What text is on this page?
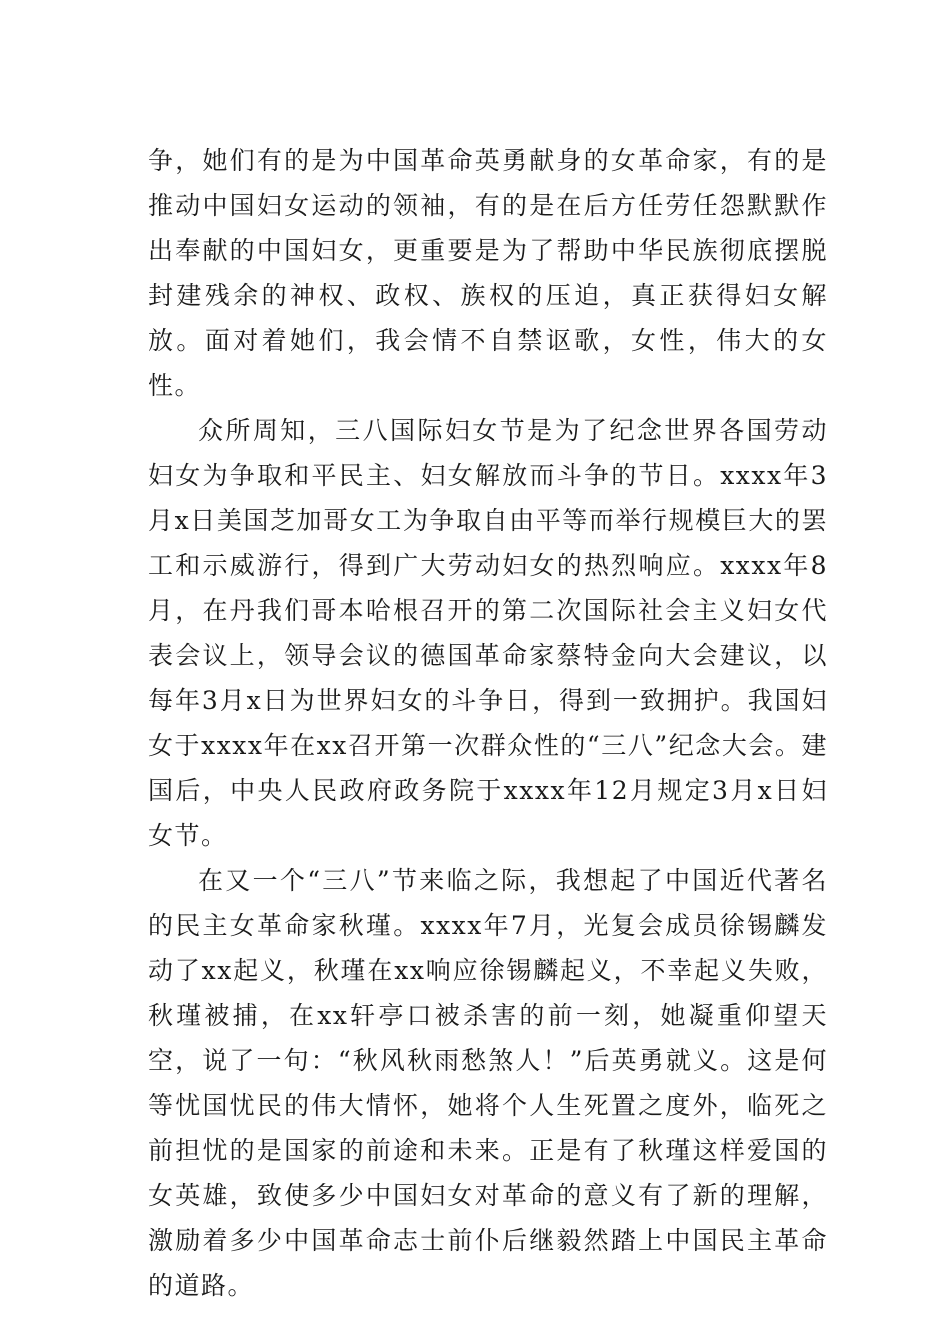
争，她们有的是为中国革命英勇献身的女革命家，有的是推动中国妇女运动的领袖，有的是在后方任劳任怨默默作出奉献的中国妇女，更重要是为了帮助中华民族彻底摆脱封建残余的神权、政权、族权的压迫，真正获得妇女解放。面对着她们，我会情不自禁讴歌，女性，伟大的女性。

众所周知，三八国际妇女节是为了纪念世界各国劳动妇女为争取和平民主、妇女解放而斗争的节日。xxxx年3月x日美国芝加哥女工为争取自由平等而举行规模巨大的罢工和示威游行，得到广大劳动妇女的热烈响应。xxxx年8月，在丹我们哥本哈根召开的第二次国际社会主义妇女代表会议上，领导会议的德国革命家蔡特金向大会建议，以每年3月x日为世界妇女的斗争日，得到一致拥护。我国妇女于xxxx年在xx召开第一次群众性的“三八”纪念大会。建国后，中央人民政府政务院于xxxx年12月规定3月x日妇女节。

在又一个“三八”节来临之际，我想起了中国近代著名的民主女革命家秋瑾。xxxx年7月，光复会成员徐锡麟发动了xx起义，秋瑾在xx响应徐锡麟起义，不幸起义失败，秋瑾被捕，在xx轩亭口被杀害的前一刻，她凝重仰望天空，说了一句：“秋风秋雨愁煞人！”后英勇就义。这是何等忧国忧民的伟大情怀，她将个人生死置之度外，临死之前担忧的是国家的前途和未来。正是有了秋瑾这样爱国的女英雄，致使多少中国妇女对革命的意义有了新的理解，激励着多少中国革命志士前仆后继毅然踏上中国民主革命的道路。
